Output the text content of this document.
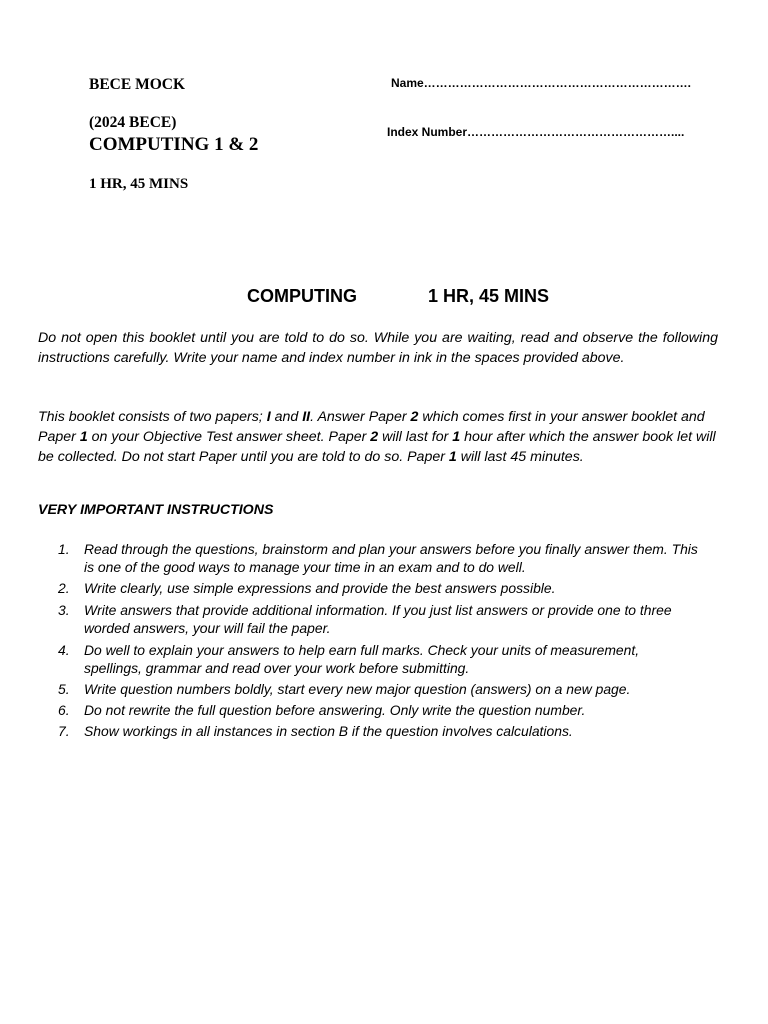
BECE MOCK
(2024 BECE)
COMPUTING 1 & 2
1 HR, 45 MINS
Name………………………………………………………….
Index Number……………………………………………....
COMPUTING	1 HR, 45 MINS
Do not open this booklet until you are told to do so. While you are waiting, read and observe the following instructions carefully. Write your name and index number in ink in the spaces provided above.
This booklet consists of two papers; I and II. Answer Paper 2 which comes first in your answer booklet and Paper 1 on your Objective Test answer sheet. Paper 2 will last for 1 hour after which the answer book let will be collected. Do not start Paper until you are told to do so. Paper 1 will last 45 minutes.
VERY IMPORTANT INSTRUCTIONS
1.	Read through the questions, brainstorm and plan your answers before you finally answer them. This is one of the good ways to manage your time in an exam and to do well.
2.	Write clearly, use simple expressions and provide the best answers possible.
3.	Write answers that provide additional information. If you just list answers or provide one to three worded answers, your will fail the paper.
4.	Do well to explain your answers to help earn full marks. Check your units of measurement, spellings, grammar and read over your work before submitting.
5.	Write question numbers boldly, start every new major question (answers) on a new page.
6.	Do not rewrite the full question before answering. Only write the question number.
7.	Show workings in all instances in section B if the question involves calculations.
